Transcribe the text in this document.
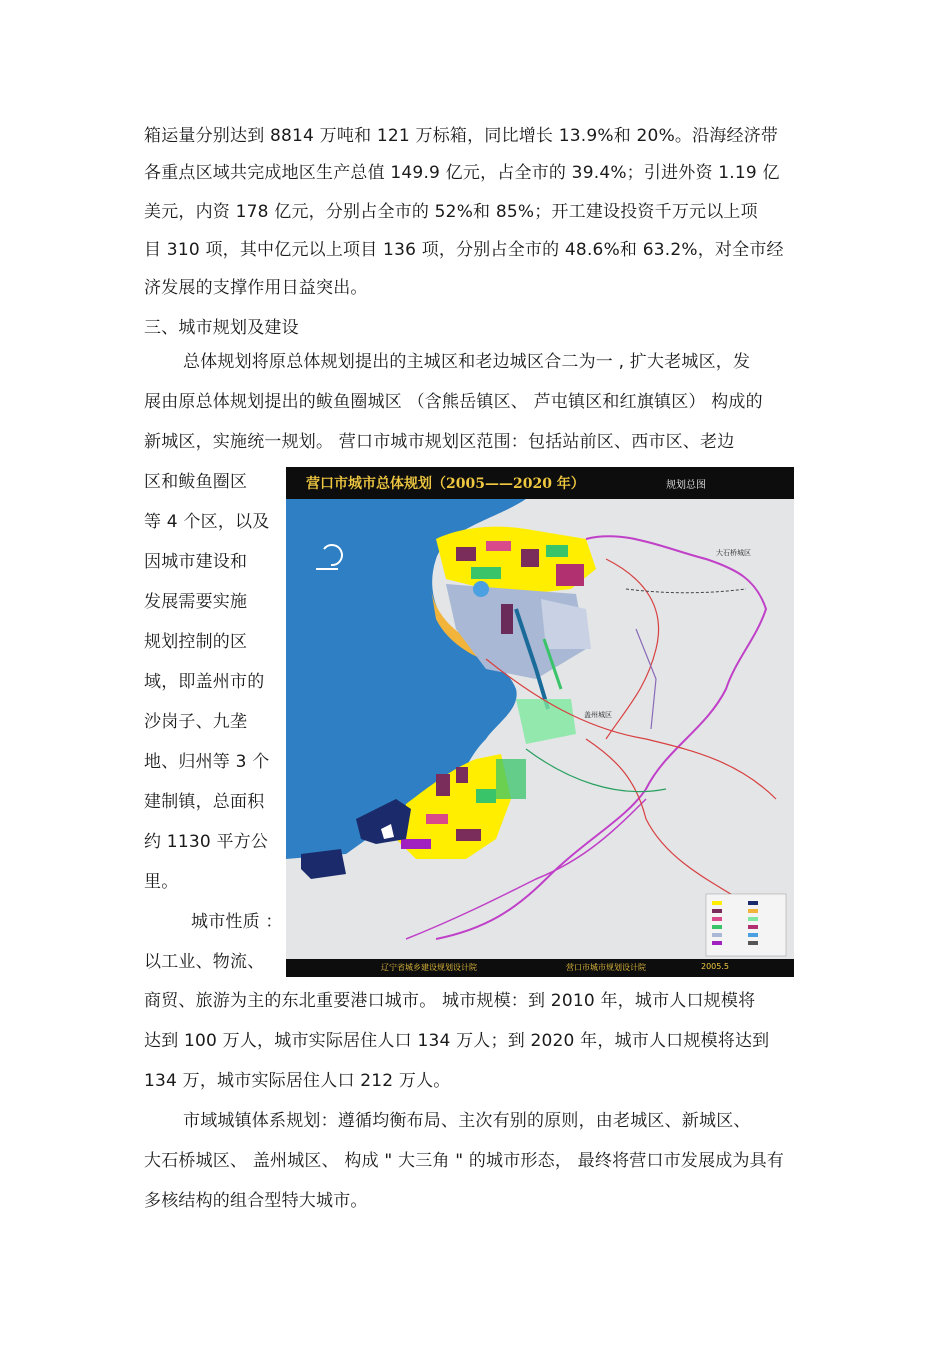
箱运量分别达到 8814 万吨和 121 万标箱，同比增长 13.9%和 20%。沿海经济带
各重点区域共完成地区生产总值 149.9 亿元，占全市的 39.4%；引进外资 1.19 亿
美元，内资 178 亿元，分别占全市的 52%和 85%；开工建设投资千万元以上项
目 310 项，其中亿元以上项目 136 项，分别占全市的 48.6%和 63.2%，对全市经
济发展的支撑作用日益突出。
三、城市规划及建设
总体规划将原总体规划提出的主城区和老边城区合二为一 , 扩大老城区，发
展由原总体规划提出的鲅鱼圈城区 （含熊岳镇区、 芦屯镇区和红旗镇区） 构成的
新城区，实施统一规划。 营口市城市规划区范围：包括站前区、西市区、老边
区和鲅鱼圈区
等 4 个区，以及
因城市建设和
发展需要实施
规划控制的区
域，即盖州市的
沙岗子、九垄
地、归州等 3 个
建制镇，总面积
约 1130 平方公
里。
城市性质 ：
以工业、物流、
商贸、旅游为主的东北重要港口城市。 城市规模：到 2010 年，城市人口规模将
达到 100 万人，城市实际居住人口 134 万人；到 2020 年，城市人口规模将达到
134 万，城市实际居住人口 212 万人。
市域城镇体系规划：遵循均衡布局、主次有别的原则，由老城区、新城区、
大石桥城区、 盖州城区、 构成 " 大三角 " 的城市形态， 最终将营口市发展成为具有
多核结构的组合型特大城市。
营口市城市总体规划（2005——2020 年）	规划总图
大石桥城区
盖州城区
辽宁省城乡建设规划设计院	营口市城市规划设计院	2005.5
